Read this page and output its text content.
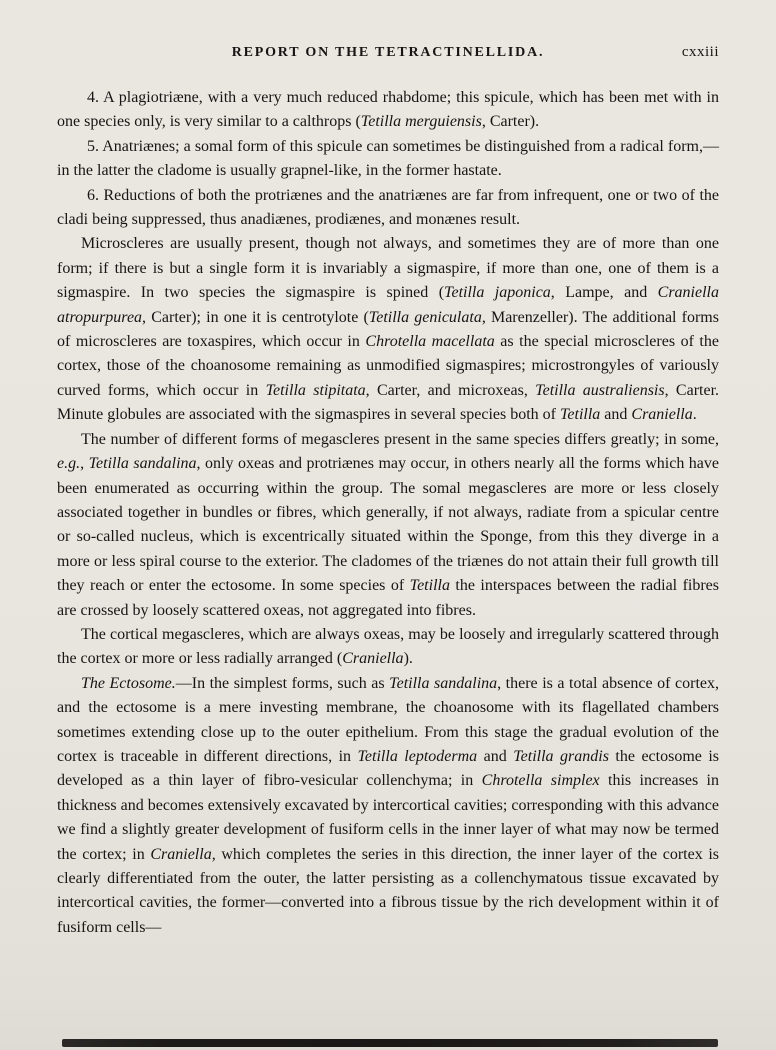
REPORT ON THE TETRACTINELLIDA.	cxxiii

4. A plagiotriæne, with a very much reduced rhabdome; this spicule, which has been met with in one species only, is very similar to a calthrops (Tetilla merguiensis, Carter).

5. Anatriænes; a somal form of this spicule can sometimes be distinguished from a radical form,—in the latter the cladome is usually grapnel-like, in the former hastate.

6. Reductions of both the protriænes and the anatriænes are far from infrequent, one or two of the cladi being suppressed, thus anadiænes, prodiænes, and monænes result.

Microscleres are usually present, though not always, and sometimes they are of more than one form; if there is but a single form it is invariably a sigmaspire, if more than one, one of them is a sigmaspire. In two species the sigmaspire is spined (Tetilla japonica, Lampe, and Craniella atropurpurea, Carter); in one it is centrotylote (Tetilla geniculata, Marenzeller). The additional forms of microscleres are toxaspires, which occur in Chrotella macellata as the special microscleres of the cortex, those of the choanosome remaining as unmodified sigmaspires; microstrongyles of variously curved forms, which occur in Tetilla stipitata, Carter, and microxeas, Tetilla australiensis, Carter. Minute globules are associated with the sigmaspires in several species both of Tetilla and Craniella.

The number of different forms of megascleres present in the same species differs greatly; in some, e.g., Tetilla sandalina, only oxeas and protriænes may occur, in others nearly all the forms which have been enumerated as occurring within the group. The somal megascleres are more or less closely associated together in bundles or fibres, which generally, if not always, radiate from a spicular centre or so-called nucleus, which is excentrically situated within the Sponge, from this they diverge in a more or less spiral course to the exterior. The cladomes of the triænes do not attain their full growth till they reach or enter the ectosome. In some species of Tetilla the interspaces between the radial fibres are crossed by loosely scattered oxeas, not aggregated into fibres.

The cortical megascleres, which are always oxeas, may be loosely and irregularly scattered through the cortex or more or less radially arranged (Craniella).

The Ectosome.—In the simplest forms, such as Tetilla sandalina, there is a total absence of cortex, and the ectosome is a mere investing membrane, the choanosome with its flagellated chambers sometimes extending close up to the outer epithelium. From this stage the gradual evolution of the cortex is traceable in different directions, in Tetilla leptoderma and Tetilla grandis the ectosome is developed as a thin layer of fibro-vesicular collenchyma; in Chrotella simplex this increases in thickness and becomes extensively excavated by intercortical cavities; corresponding with this advance we find a slightly greater development of fusiform cells in the inner layer of what may now be termed the cortex; in Craniella, which completes the series in this direction, the inner layer of the cortex is clearly differentiated from the outer, the latter persisting as a collenchymatous tissue excavated by intercortical cavities, the former—converted into a fibrous tissue by the rich development within it of fusiform cells—
